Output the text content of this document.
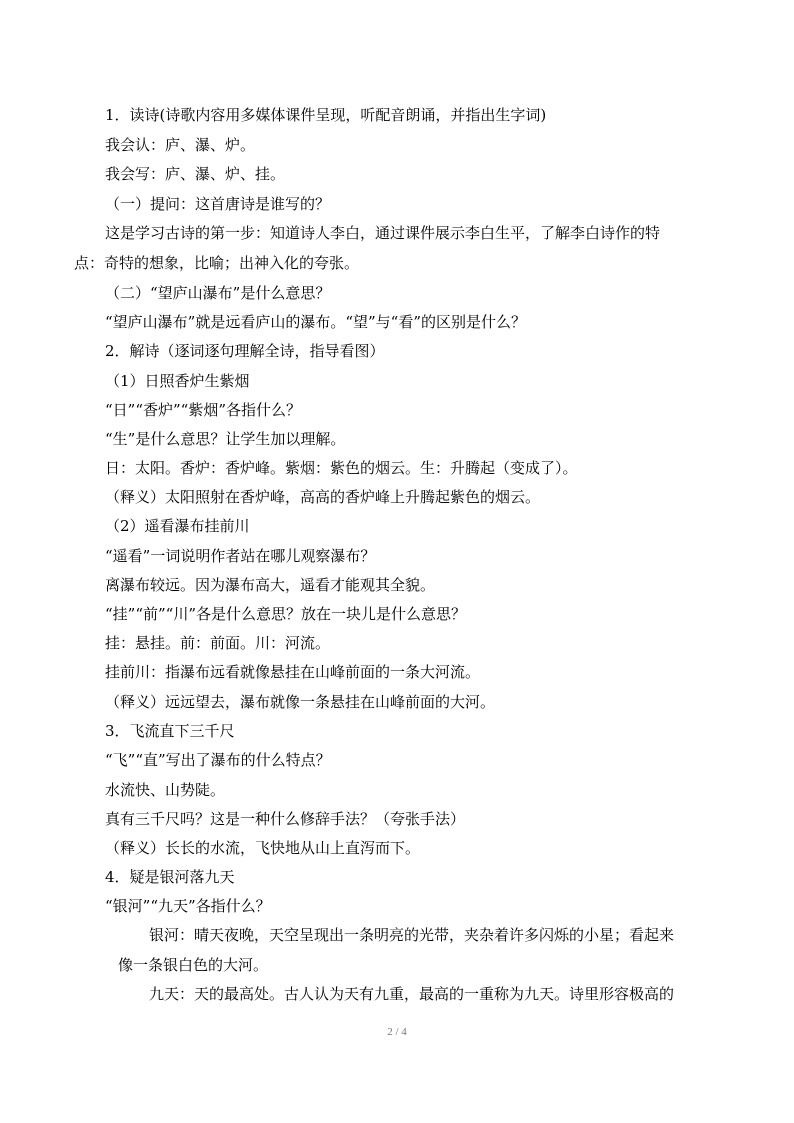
1．读诗(诗歌内容用多媒体课件呈现，听配音朗诵，并指出生字词)
我会认：庐、瀑、炉。
我会写：庐、瀑、炉、挂。
（一）提问：这首唐诗是谁写的？
这是学习古诗的第一步：知道诗人李白，通过课件展示李白生平，了解李白诗作的特
点：奇特的想象，比喻；出神入化的夸张。
（二）“望庐山瀑布”是什么意思？
“望庐山瀑布”就是远看庐山的瀑布。“望”与“看”的区别是什么？
2．解诗（逐词逐句理解全诗，指导看图）
（1）日照香炉生紫烟
“日”“香炉”“紫烟”各指什么？
“生”是什么意思？让学生加以理解。
日：太阳。香炉：香炉峰。紫烟：紫色的烟云。生：升腾起（变成了）。
（释义）太阳照射在香炉峰，高高的香炉峰上升腾起紫色的烟云。
（2）遥看瀑布挂前川
“遥看”一词说明作者站在哪儿观察瀑布？
离瀑布较远。因为瀑布高大，遥看才能观其全貌。
“挂”“前”“川”各是什么意思？放在一块儿是什么意思？
挂：悬挂。前：前面。川：河流。
挂前川：指瀑布远看就像悬挂在山峰前面的一条大河流。
（释义）远远望去，瀑布就像一条悬挂在山峰前面的大河。
3．飞流直下三千尺
“飞”“直”写出了瀑布的什么特点？
水流快、山势陡。
真有三千尺吗？这是一种什么修辞手法？（夸张手法）
（释义）长长的水流，飞快地从山上直泻而下。
4．疑是银河落九天
“银河”“九天”各指什么？
银河：晴天夜晚，天空呈现出一条明亮的光带，夹杂着许多闪烁的小星；看起来
像一条银白色的大河。
九天：天的最高处。古人认为天有九重，最高的一重称为九天。诗里形容极高的
2 / 4
